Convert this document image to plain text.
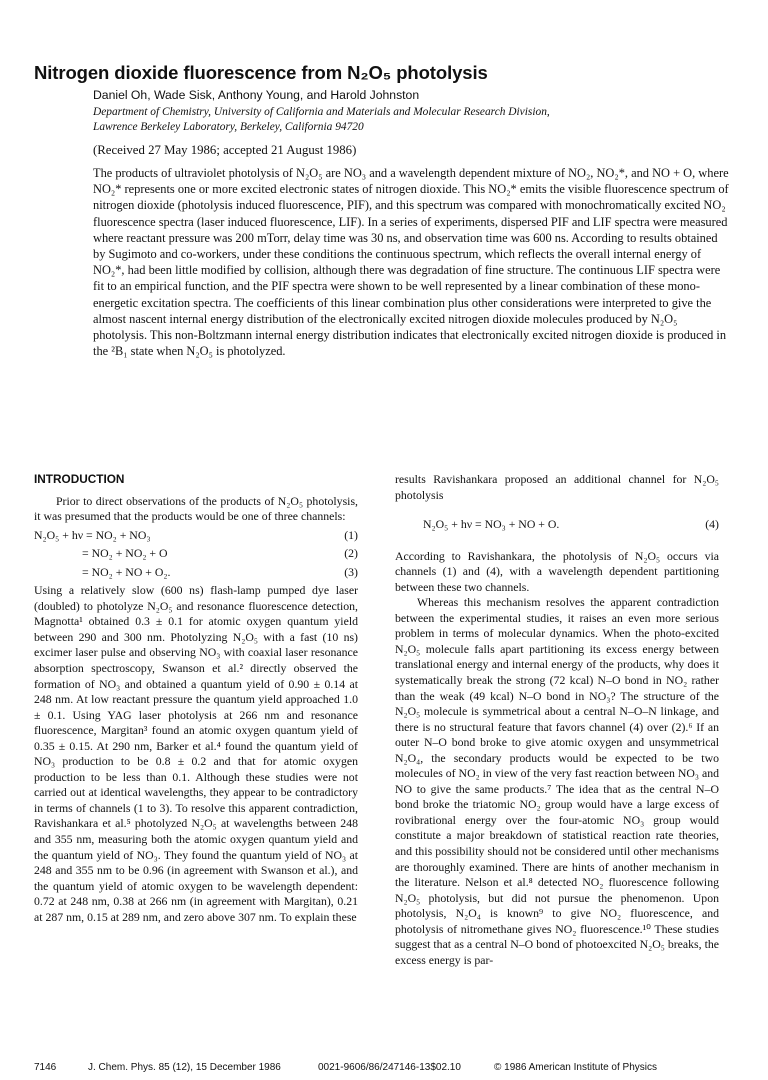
Nitrogen dioxide fluorescence from N₂O₅ photolysis
Daniel Oh, Wade Sisk, Anthony Young, and Harold Johnston
Department of Chemistry, University of California and Materials and Molecular Research Division,
Lawrence Berkeley Laboratory, Berkeley, California 94720
(Received 27 May 1986; accepted 21 August 1986)

The products of ultraviolet photolysis of N₂O₅ are NO₃ and a wavelength dependent mixture of NO₂, NO₂*, and NO + O, where NO₂* represents one or more excited electronic states of nitrogen dioxide. This NO₂* emits the visible fluorescence spectrum of nitrogen dioxide (photolysis induced fluorescence, PIF), and this spectrum was compared with monochromatically excited NO₂ fluorescence spectra (laser induced fluorescence, LIF). In a series of experiments, dispersed PIF and LIF spectra were measured where reactant pressure was 200 mTorr, delay time was 30 ns, and observation time was 600 ns. According to results obtained by Sugimoto and co-workers, under these conditions the continuous spectrum, which reflects the overall internal energy of NO₂*, had been little modified by collision, although there was degradation of fine structure. The continuous LIF spectra were fit to an empirical function, and the PIF spectra were shown to be well represented by a linear combination of these mono-energetic excitation spectra. The coefficients of this linear combination plus other considerations were interpreted to give the almost nascent internal energy distribution of the electronically excited nitrogen dioxide molecules produced by N₂O₅ photolysis. This non-Boltzmann internal energy distribution indicates that electronically excited nitrogen dioxide is produced in the ²B₁ state when N₂O₅ is photolyzed.

INTRODUCTION

Prior to direct observations of the products of N₂O₅ photolysis, it was presumed that the products would be one of three channels:

N₂O₅ + hν = NO₂ + NO₃	(1)
= NO₂ + NO₂ + O	(2)
= NO₂ + NO + O₂.	(3)

Using a relatively slow (600 ns) flash-lamp pumped dye laser (doubled) to photolyze N₂O₅ and resonance fluorescence detection, Magnotta¹ obtained 0.3 ± 0.1 for atomic oxygen quantum yield between 290 and 300 nm. Photolyzing N₂O₅ with a fast (10 ns) excimer laser pulse and observing NO₃ with coaxial laser resonance absorption spectroscopy, Swanson et al.² directly observed the formation of NO₃ and obtained a quantum yield of 0.90 ± 0.14 at 248 nm. At low reactant pressure the quantum yield approached 1.0 ± 0.1. Using YAG laser photolysis at 266 nm and resonance fluorescence, Margitan³ found an atomic oxygen quantum yield of 0.35 ± 0.15. At 290 nm, Barker et al.⁴ found the quantum yield of NO₃ production to be 0.8 ± 0.2 and that for atomic oxygen production to be less than 0.1. Although these studies were not carried out at identical wavelengths, they appear to be contradictory in terms of channels (1 to 3). To resolve this apparent contradiction, Ravishankara et al.⁵ photolyzed N₂O₅ at wavelengths between 248 and 355 nm, measuring both the atomic oxygen quantum yield and the quantum yield of NO₃. They found the quantum yield of NO₃ at 248 and 355 nm to be 0.96 (in agreement with Swanson et al.), and the quantum yield of atomic oxygen to be wavelength dependent: 0.72 at 248 nm, 0.38 at 266 nm (in agreement with Margitan), 0.21 at 287 nm, 0.15 at 289 nm, and zero above 307 nm. To explain these

results Ravishankara proposed an additional channel for N₂O₅ photolysis

N₂O₅ + hν = NO₃ + NO + O.	(4)

According to Ravishankara, the photolysis of N₂O₅ occurs via channels (1) and (4), with a wavelength dependent partitioning between these two channels.

Whereas this mechanism resolves the apparent contradiction between the experimental studies, it raises an even more serious problem in terms of molecular dynamics. When the photo-excited N₂O₅ molecule falls apart partitioning its excess energy between translational energy and internal energy of the products, why does it systematically break the strong (72 kcal) N–O bond in NO₂ rather than the weak (49 kcal) N–O bond in NO₃? The structure of the N₂O₅ molecule is symmetrical about a central N–O–N linkage, and there is no structural feature that favors channel (4) over (2).⁶ If an outer N–O bond broke to give atomic oxygen and unsymmetrical N₂O₄, the secondary products would be expected to be two molecules of NO₂ in view of the very fast reaction between NO₃ and NO to give the same products.⁷ The idea that as the central N–O bond broke the triatomic NO₂ group would have a large excess of rovibrational energy over the four-atomic NO₃ group would constitute a major breakdown of statistical reaction rate theories, and this possibility should not be considered until other mechanisms are thoroughly examined. There are hints of another mechanism in the literature. Nelson et al.⁸ detected NO₂ fluorescence following N₂O₅ photolysis, but did not pursue the phenomenon. Upon photolysis, N₂O₄ is known⁹ to give NO₂ fluorescence, and photolysis of nitromethane gives NO₂ fluorescence.¹⁰ These studies suggest that as a central N–O bond of photoexcited N₂O₅ breaks, the excess energy is par-

7146	J. Chem. Phys. 85 (12), 15 December 1986	0021-9606/86/247146-13$02.10	© 1986 American Institute of Physics
